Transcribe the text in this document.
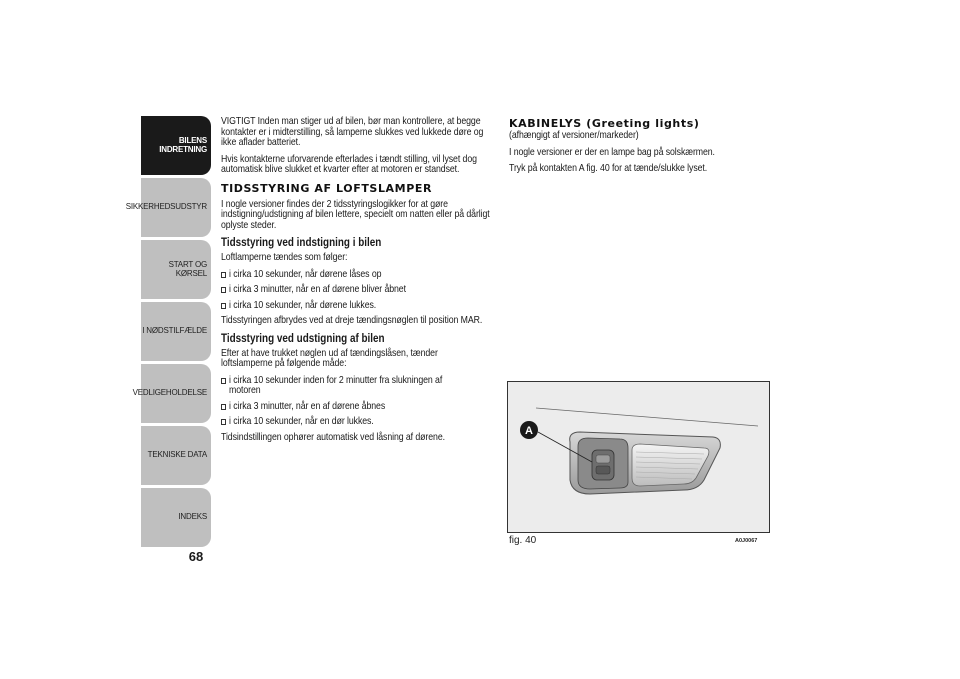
BILENS
INDRETNING
SIKKERHEDSUDSTYR
START OG KØRSEL
I NØDSTILFÆLDE
VEDLIGEHOLDELSE
TEKNISKE DATA
INDEKS
68

VIGTIGT Inden man stiger ud af bilen, bør man kontrollere, at begge kontakter er i midterstilling, så lamperne slukkes ved lukkede døre og ikke aflader batteriet.

Hvis kontakterne uforvarende efterlades i tændt stilling, vil lyset dog automatisk blive slukket et kvarter efter at motoren er standset.

TIDSSTYRING AF LOFTSLAMPER

I nogle versioner findes der 2 tidsstyringslogikker for at gøre indstigning/udstigning af bilen lettere, specielt om natten eller på dårligt oplyste steder.

Tidsstyring ved indstigning i bilen

Loftlamperne tændes som følger:

i cirka 10 sekunder, når dørene låses op

i cirka 3 minutter, når en af dørene bliver åbnet

i cirka 10 sekunder, når dørene lukkes.

Tidsstyringen afbrydes ved at dreje tændingsnøglen til position MAR.

Tidsstyring ved udstigning af bilen

Efter at have trukket nøglen ud af tændingslåsen, tænder loftslamperne på følgende måde:

i cirka 10 sekunder inden for 2 minutter fra slukningen af motoren

i cirka 3 minutter, når en af dørene åbnes

i cirka 10 sekunder, når en dør lukkes.

Tidsindstillingen ophører automatisk ved låsning af dørene.

KABINELYS (Greeting lights)

(afhængigt af versioner/markeder)

I nogle versioner er der en lampe bag på solskærmen.

Tryk på kontakten A fig. 40 for at tænde/slukke lyset.

A
fig. 40	A0J0067
